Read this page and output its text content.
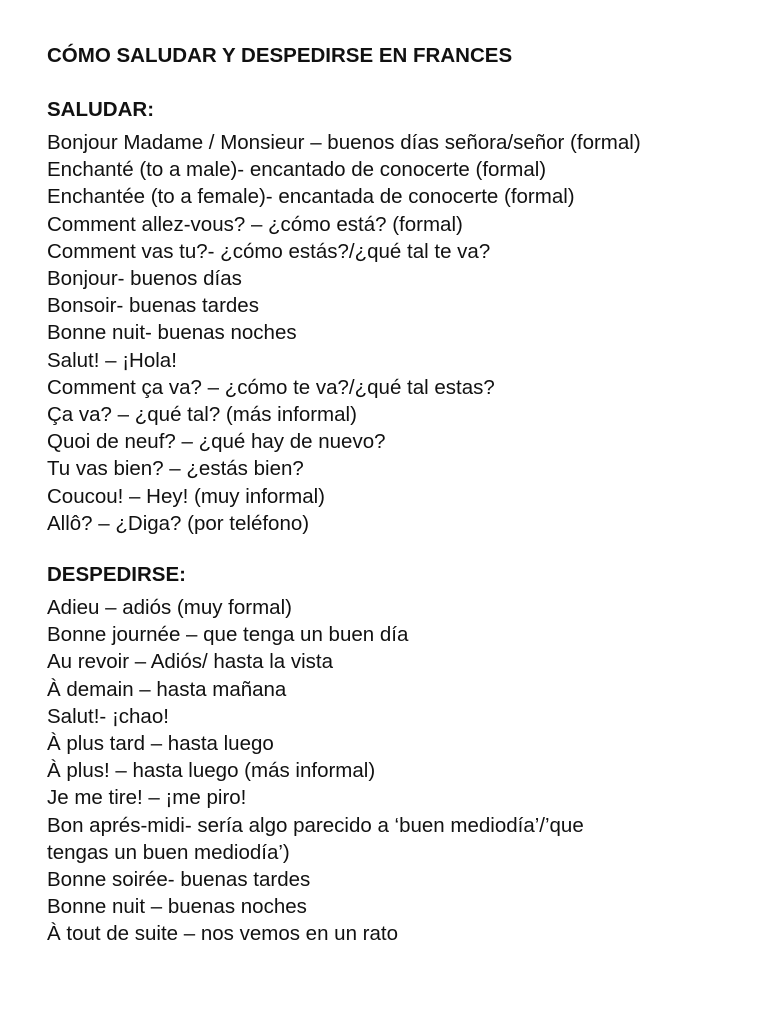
CÓMO SALUDAR Y DESPEDIRSE EN FRANCES
SALUDAR:
Bonjour Madame / Monsieur – buenos días señora/señor (formal)
Enchanté (to a male)- encantado de conocerte (formal)
Enchantée (to a female)- encantada de conocerte (formal)
Comment allez-vous? – ¿cómo está? (formal)
Comment vas tu?- ¿cómo estás?/¿qué tal te va?
Bonjour- buenos días
Bonsoir- buenas tardes
Bonne nuit- buenas noches
Salut! – ¡Hola!
Comment ça va? – ¿cómo te va?/¿qué tal estas?
Ça va? – ¿qué tal? (más informal)
Quoi de neuf? – ¿qué hay de nuevo?
Tu vas bien? – ¿estás bien?
Coucou! – Hey! (muy informal)
Allô? – ¿Diga? (por teléfono)
DESPEDIRSE:
Adieu – adiós (muy formal)
Bonne journée – que tenga un buen día
Au revoir – Adiós/ hasta la vista
À demain – hasta mañana
Salut!- ¡chao!
À plus tard – hasta luego
À plus! – hasta luego (más informal)
Je me tire! – ¡me piro!
Bon aprés-midi- sería algo parecido a ‘buen mediodía’/’que
tengas un buen mediodía’)
Bonne soirée- buenas tardes
Bonne nuit – buenas noches
À tout de suite – nos vemos en un rato
